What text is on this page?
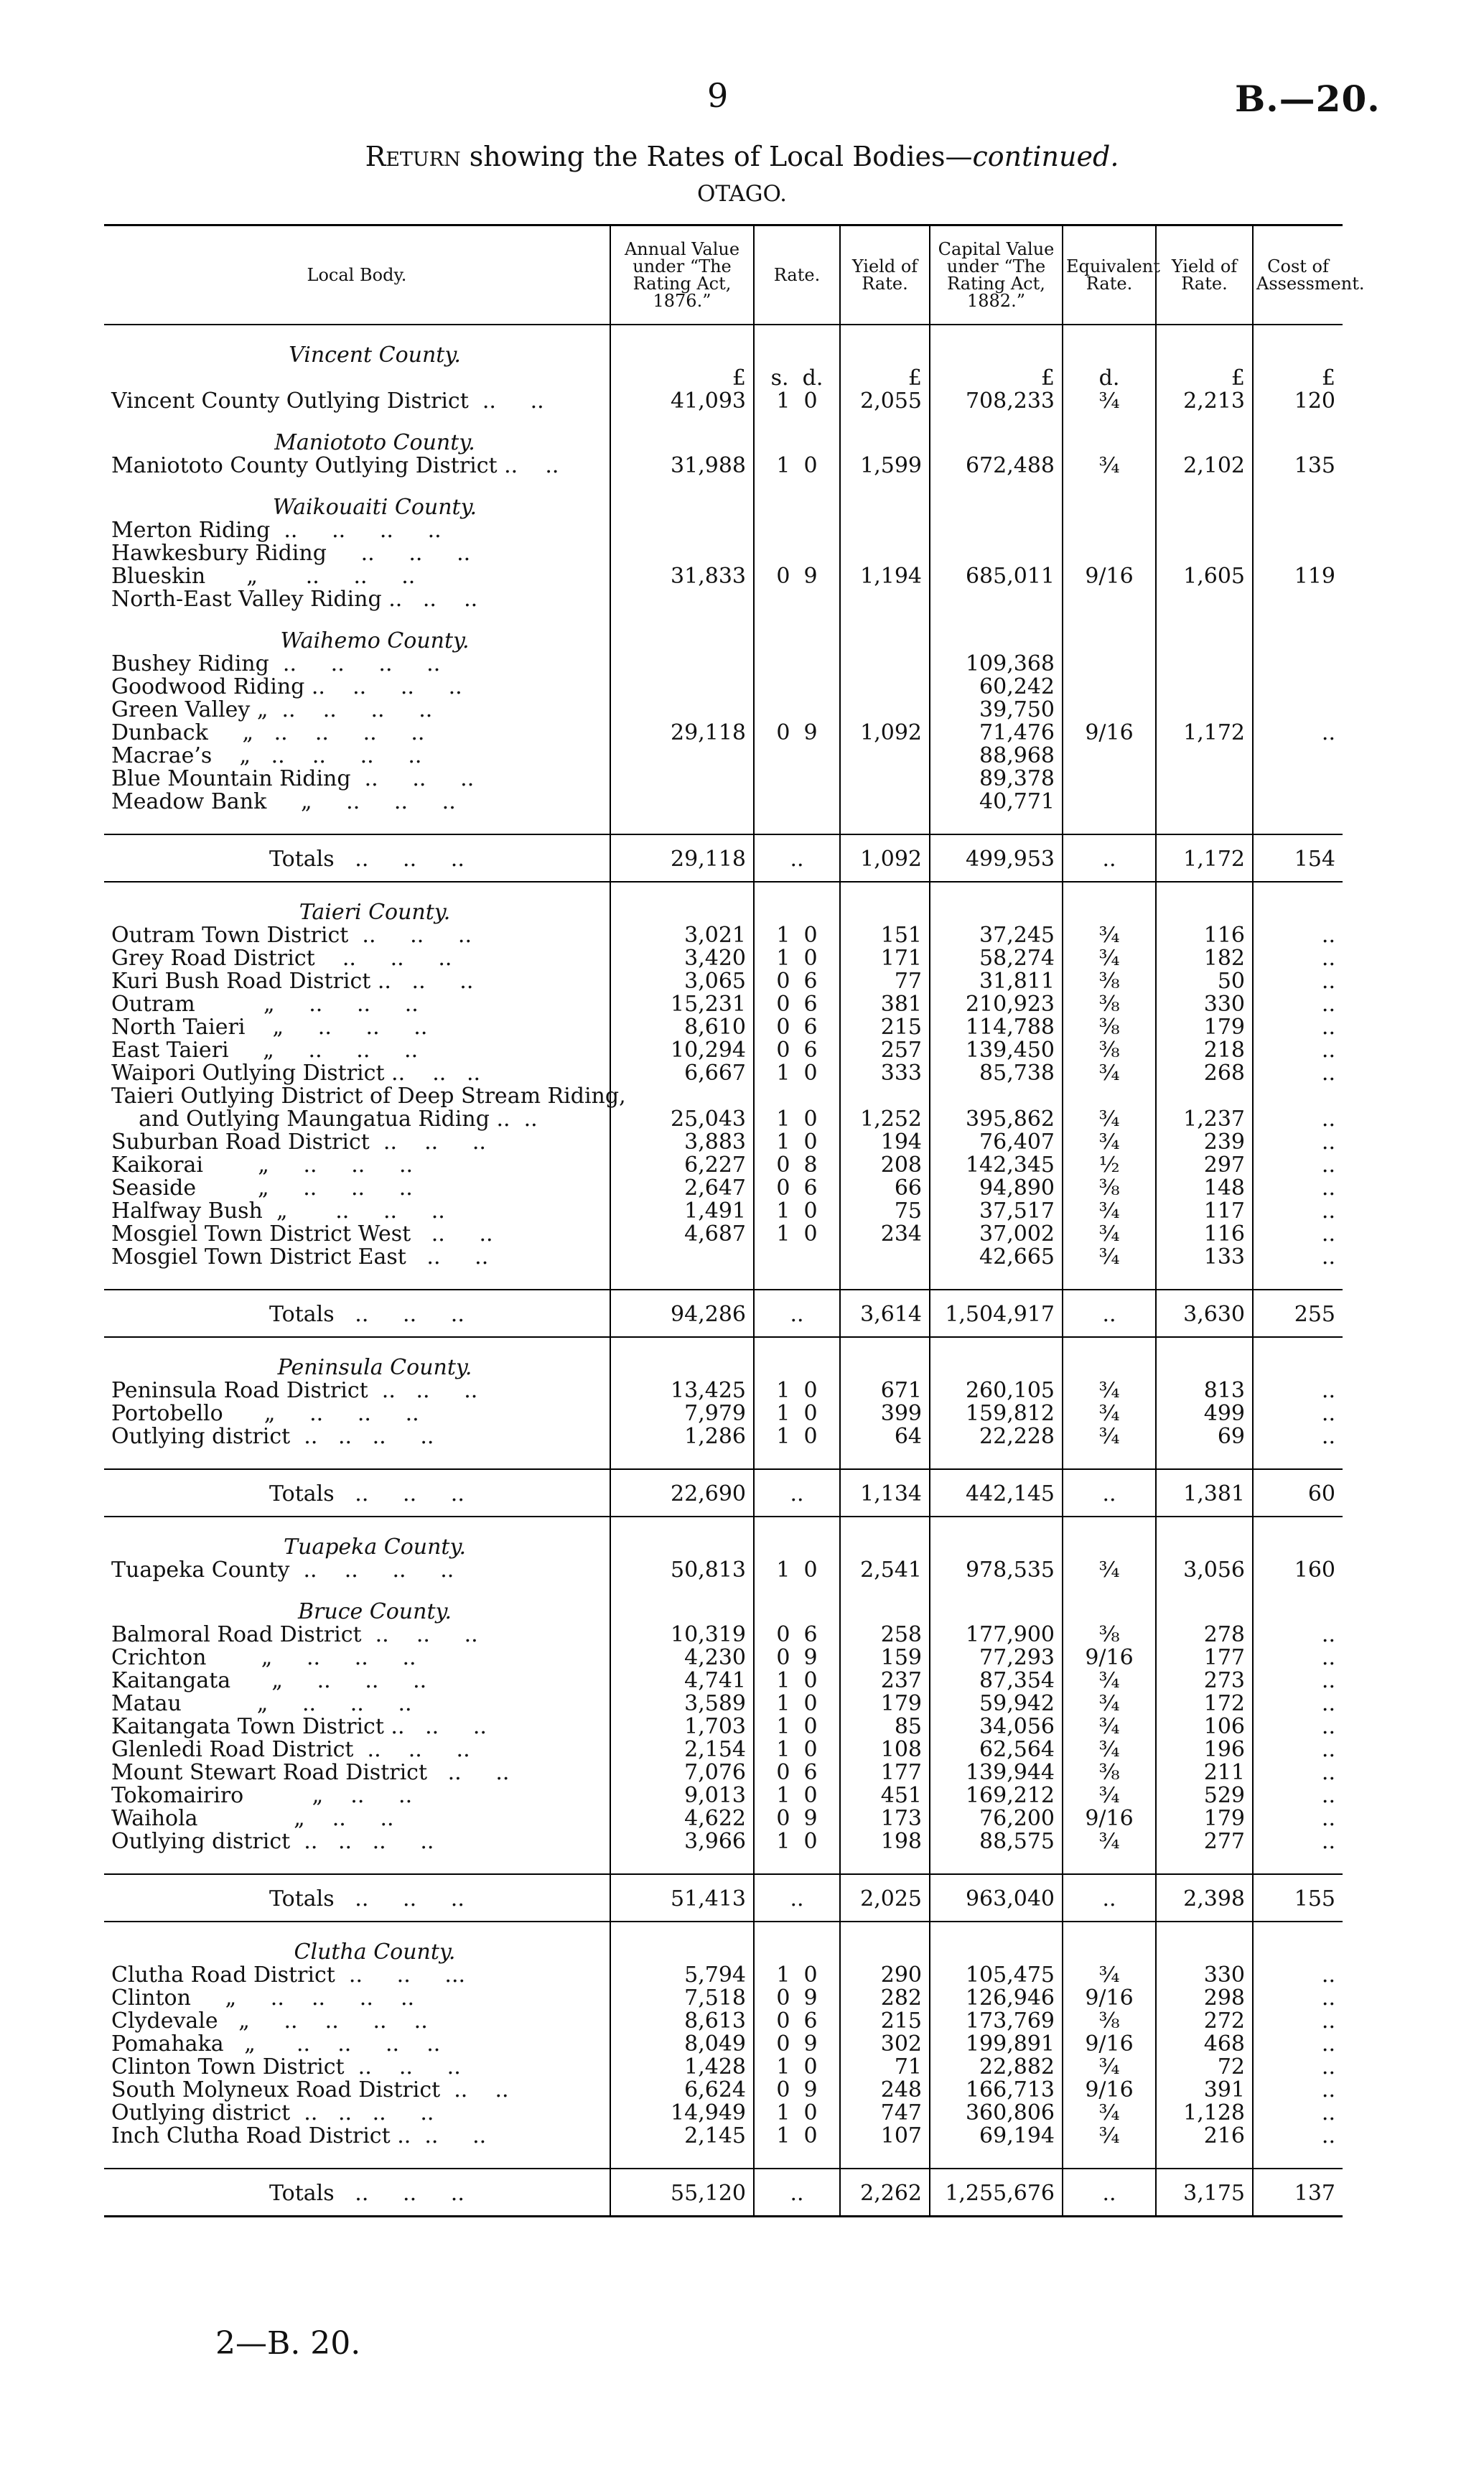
9	B.—20.
Return showing the Rates of Local Bodies—continued.
OTAGO.
Local Body.	Annual Value under “The Rating Act, 1876.”	Rate.	Yield of Rate.	Capital Value under “The Rating Act, 1882.”	Equivalent Rate.	Yield of Rate.	Cost of Assessment.
Vincent County.							
	£	s.  d.	£	£	d.	£	£
Vincent County Outlying District  ..     ..	41,093	1  0	2,055	708,233	¾	2,213	120
Maniototo County.							
Maniototo County Outlying District ..    ..	31,988	1  0	1,599	672,488	¾	2,102	135
Waikouaiti County.							
Merton Riding  ..     ..     ..     ..							
Hawkesbury Riding     ..     ..     ..							
Blueskin      „       ..     ..     ..	31,833	0  9	1,194	685,011	9/16	1,605	119
North-East Valley Riding ..   ..    ..							
Waihemo County.							
Bushey Riding  ..     ..     ..     ..				109,368			
Goodwood Riding ..    ..     ..     ..				60,242			
Green Valley „  ..    ..     ..     ..				39,750			
Dunback     „   ..    ..     ..     ..	29,118	0  9	1,092	71,476	9/16	1,172	..
Macrae’s    „   ..    ..     ..     ..				88,968			
Blue Mountain Riding  ..     ..     ..				89,378			
Meadow Bank     „     ..     ..     ..				40,771			

Totals   ..     ..     ..	29,118	..	1,092	499,953	..	1,172	154
Taieri County.							
Outram Town District  ..     ..     ..	3,021	1  0	151	37,245	¾	116	..
Grey Road District    ..     ..     ..	3,420	1  0	171	58,274	¾	182	..
Kuri Bush Road District ..   ..     ..	3,065	0  6	77	31,811	⅜	50	..
Outram          „     ..     ..     ..	15,231	0  6	381	210,923	⅜	330	..
North Taieri    „     ..     ..     ..	8,610	0  6	215	114,788	⅜	179	..
East Taieri     „     ..     ..     ..	10,294	0  6	257	139,450	⅜	218	..
Waipori Outlying District ..    ..   ..	6,667	1  0	333	85,738	¾	268	..
Taieri Outlying District of Deep Stream Riding,							
and Outlying Maungatua Riding ..  ..	25,043	1  0	1,252	395,862	¾	1,237	..
Suburban Road District  ..    ..     ..	3,883	1  0	194	76,407	¾	239	..
Kaikorai        „     ..     ..     ..	6,227	0  8	208	142,345	½	297	..
Seaside         „     ..     ..     ..	2,647	0  6	66	94,890	⅜	148	..
Halfway Bush  „       ..     ..     ..	1,491	1  0	75	37,517	¾	117	..
Mosgiel Town District West   ..     ..	4,687	1  0	234	37,002	¾	116	..
Mosgiel Town District East   ..     ..				42,665	¾	133	..

Totals   ..     ..     ..	94,286	..	3,614	1,504,917	..	3,630	255
Peninsula County.							
Peninsula Road District  ..   ..     ..	13,425	1  0	671	260,105	¾	813	..
Portobello      „     ..     ..     ..	7,979	1  0	399	159,812	¾	499	..
Outlying district  ..   ..   ..     ..	1,286	1  0	64	22,228	¾	69	..

Totals   ..     ..     ..	22,690	..	1,134	442,145	..	1,381	60
Tuapeka County.							
Tuapeka County  ..    ..     ..     ..	50,813	1  0	2,541	978,535	¾	3,056	160
Bruce County.							
Balmoral Road District  ..    ..     ..	10,319	0  6	258	177,900	⅜	278	..
Crichton        „     ..     ..     ..	4,230	0  9	159	77,293	9/16	177	..
Kaitangata      „     ..     ..     ..	4,741	1  0	237	87,354	¾	273	..
Matau           „     ..     ..     ..	3,589	1  0	179	59,942	¾	172	..
Kaitangata Town District ..   ..     ..	1,703	1  0	85	34,056	¾	106	..
Glenledi Road District  ..    ..     ..	2,154	1  0	108	62,564	¾	196	..
Mount Stewart Road District   ..     ..	7,076	0  6	177	139,944	⅜	211	..
Tokomairiro          „    ..     ..	9,013	1  0	451	169,212	¾	529	..
Waihola              „    ..     ..	4,622	0  9	173	76,200	9/16	179	..
Outlying district  ..   ..   ..     ..	3,966	1  0	198	88,575	¾	277	..

Totals   ..     ..     ..	51,413	..	2,025	963,040	..	2,398	155
Clutha County.							
Clutha Road District  ..     ..     ...	5,794	1  0	290	105,475	¾	330	..
Clinton     „     ..    ..     ..    ..	7,518	0  9	282	126,946	9/16	298	..
Clydevale   „     ..    ..     ..    ..	8,613	0  6	215	173,769	⅜	272	..
Pomahaka   „      ..    ..     ..    ..	8,049	0  9	302	199,891	9/16	468	..
Clinton Town District  ..    ..     ..	1,428	1  0	71	22,882	¾	72	..
South Molyneux Road District  ..    ..	6,624	0  9	248	166,713	9/16	391	..
Outlying district  ..   ..   ..     ..	14,949	1  0	747	360,806	¾	1,128	..
Inch Clutha Road District ..  ..     ..	2,145	1  0	107	69,194	¾	216	..

Totals   ..     ..     ..	55,120	..	2,262	1,255,676	..	3,175	137
2—B. 20.
